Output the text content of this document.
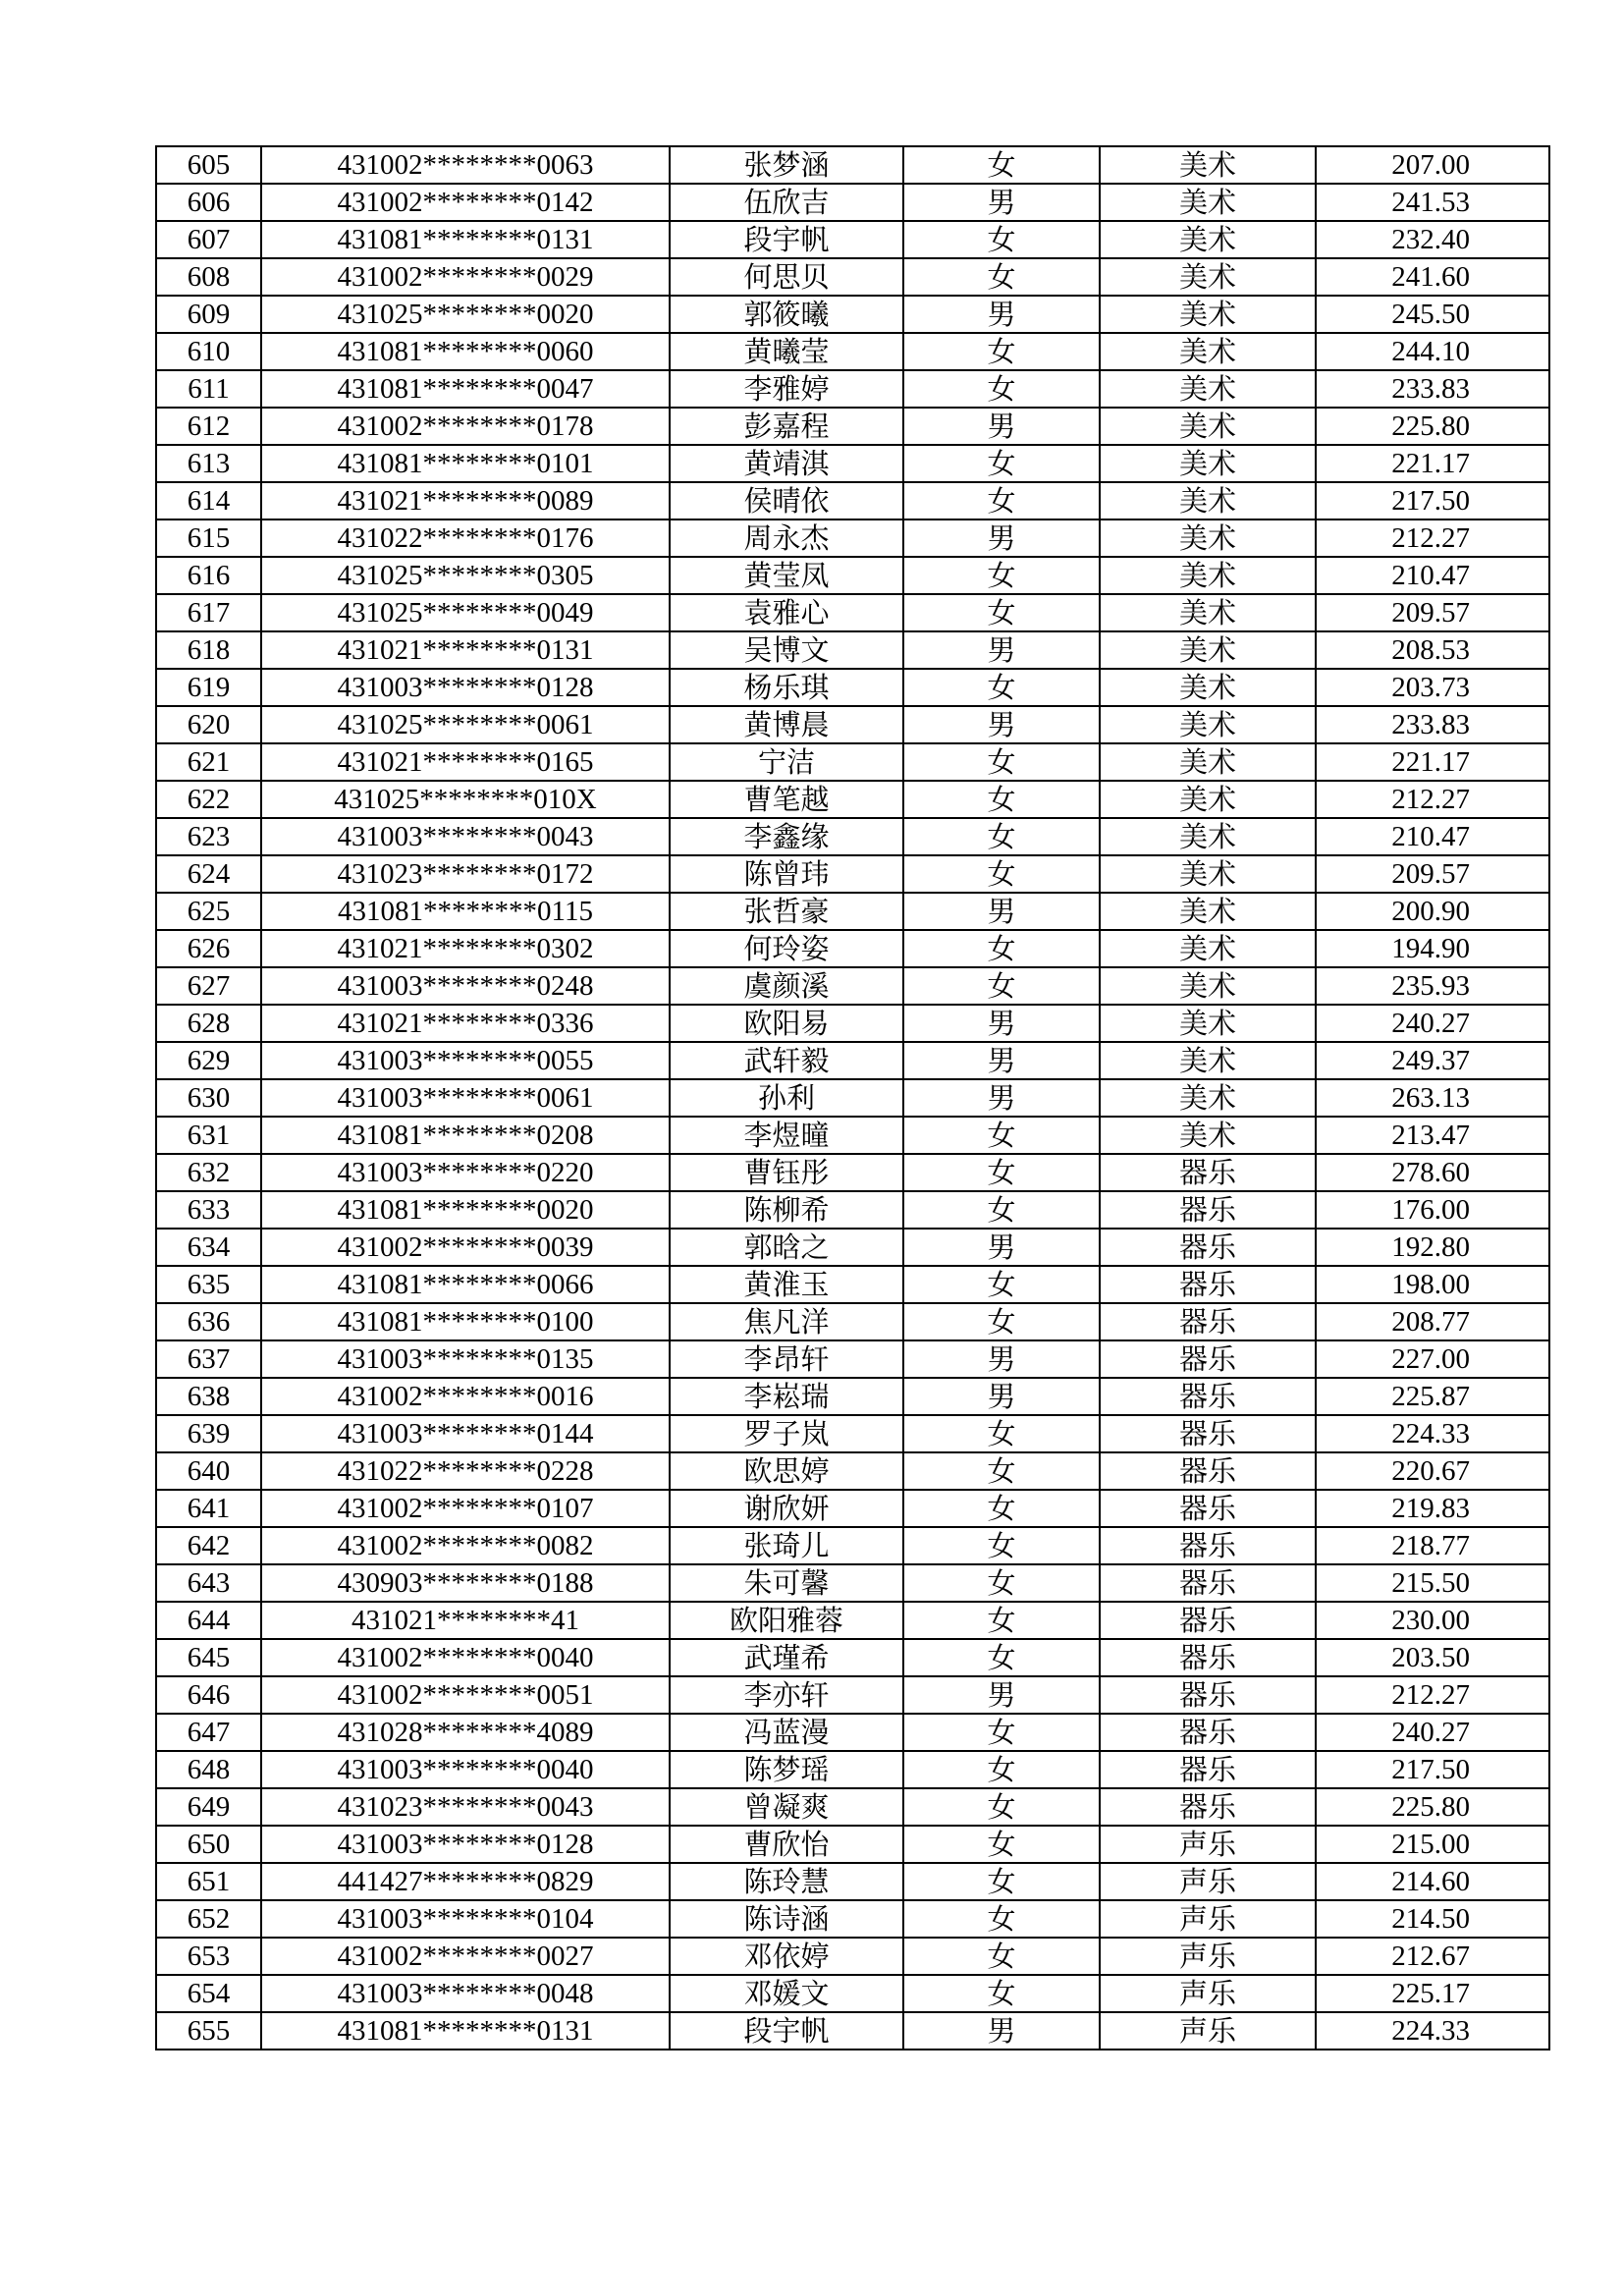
605	431002********0063	张梦涵	女	美术	207.00
606	431002********0142	伍欣吉	男	美术	241.53
607	431081********0131	段宇帆	女	美术	232.40
608	431002********0029	何思贝	女	美术	241.60
609	431025********0020	郭筱曦	男	美术	245.50
610	431081********0060	黄曦莹	女	美术	244.10
611	431081********0047	李雅婷	女	美术	233.83
612	431002********0178	彭嘉程	男	美术	225.80
613	431081********0101	黄靖淇	女	美术	221.17
614	431021********0089	侯晴依	女	美术	217.50
615	431022********0176	周永杰	男	美术	212.27
616	431025********0305	黄莹凤	女	美术	210.47
617	431025********0049	袁雅心	女	美术	209.57
618	431021********0131	吴博文	男	美术	208.53
619	431003********0128	杨乐琪	女	美术	203.73
620	431025********0061	黄博晨	男	美术	233.83
621	431021********0165	宁洁	女	美术	221.17
622	431025********010X	曹笔越	女	美术	212.27
623	431003********0043	李鑫缘	女	美术	210.47
624	431023********0172	陈曾玮	女	美术	209.57
625	431081********0115	张哲豪	男	美术	200.90
626	431021********0302	何玲姿	女	美术	194.90
627	431003********0248	虞颜溪	女	美术	235.93
628	431021********0336	欧阳易	男	美术	240.27
629	431003********0055	武轩毅	男	美术	249.37
630	431003********0061	孙利	男	美术	263.13
631	431081********0208	李煜曈	女	美术	213.47
632	431003********0220	曹钰彤	女	器乐	278.60
633	431081********0020	陈柳希	女	器乐	176.00
634	431002********0039	郭晗之	男	器乐	192.80
635	431081********0066	黄淮玉	女	器乐	198.00
636	431081********0100	焦凡洋	女	器乐	208.77
637	431003********0135	李昂轩	男	器乐	227.00
638	431002********0016	李崧瑞	男	器乐	225.87
639	431003********0144	罗子岚	女	器乐	224.33
640	431022********0228	欧思婷	女	器乐	220.67
641	431002********0107	谢欣妍	女	器乐	219.83
642	431002********0082	张琦儿	女	器乐	218.77
643	430903********0188	朱可馨	女	器乐	215.50
644	431021********41	欧阳雅蓉	女	器乐	230.00
645	431002********0040	武瑾希	女	器乐	203.50
646	431002********0051	李亦轩	男	器乐	212.27
647	431028********4089	冯蓝漫	女	器乐	240.27
648	431003********0040	陈梦瑶	女	器乐	217.50
649	431023********0043	曾凝爽	女	器乐	225.80
650	431003********0128	曹欣怡	女	声乐	215.00
651	441427********0829	陈玲慧	女	声乐	214.60
652	431003********0104	陈诗涵	女	声乐	214.50
653	431002********0027	邓依婷	女	声乐	212.67
654	431003********0048	邓媛文	女	声乐	225.17
655	431081********0131	段宇帆	男	声乐	224.33
